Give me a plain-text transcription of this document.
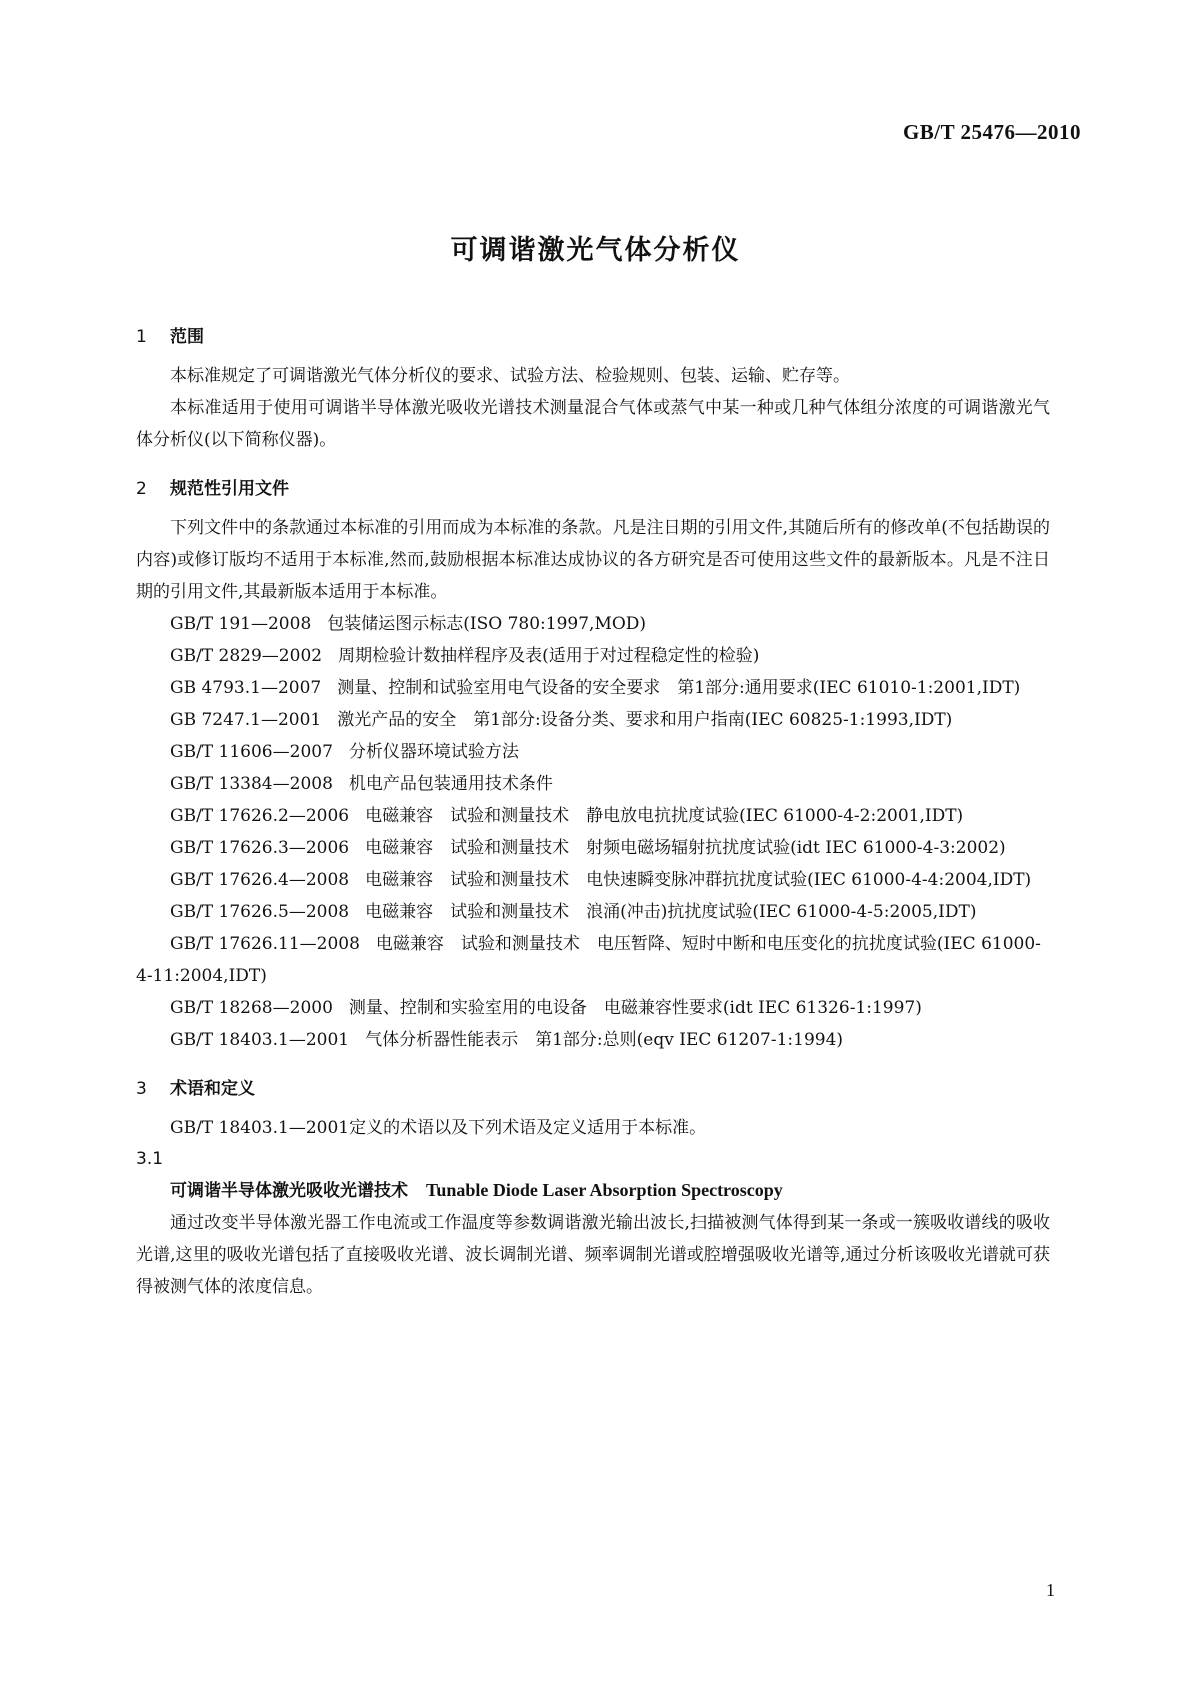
GB/T 25476—2010
可调谐激光气体分析仪
1 范围

本标准规定了可调谐激光气体分析仪的要求、试验方法、检验规则、包装、运输、贮存等。

本标准适用于使用可调谐半导体激光吸收光谱技术测量混合气体或蒸气中某一种或几种气体组分浓度的可调谐激光气体分析仪(以下简称仪器)。

2 规范性引用文件

下列文件中的条款通过本标准的引用而成为本标准的条款。凡是注日期的引用文件,其随后所有的修改单(不包括勘误的内容)或修订版均不适用于本标准,然而,鼓励根据本标准达成协议的各方研究是否可使用这些文件的最新版本。凡是不注日期的引用文件,其最新版本适用于本标准。

GB/T 191—2008 包装储运图示标志(ISO 780:1997,MOD)

GB/T 2829—2002 周期检验计数抽样程序及表(适用于对过程稳定性的检验)

GB 4793.1—2007 测量、控制和试验室用电气设备的安全要求　第1部分:通用要求(IEC 61010-1:2001,IDT)

GB 7247.1—2001 激光产品的安全　第1部分:设备分类、要求和用户指南(IEC 60825-1:1993,IDT)

GB/T 11606—2007 分析仪器环境试验方法

GB/T 13384—2008 机电产品包装通用技术条件

GB/T 17626.2—2006 电磁兼容　试验和测量技术　静电放电抗扰度试验(IEC 61000-4-2:2001,IDT)

GB/T 17626.3—2006 电磁兼容　试验和测量技术　射频电磁场辐射抗扰度试验(idt IEC 61000-4-3:2002)

GB/T 17626.4—2008 电磁兼容　试验和测量技术　电快速瞬变脉冲群抗扰度试验(IEC 61000-4-4:2004,IDT)

GB/T 17626.5—2008 电磁兼容　试验和测量技术　浪涌(冲击)抗扰度试验(IEC 61000-4-5:2005,IDT)

GB/T 17626.11—2008 电磁兼容　试验和测量技术　电压暂降、短时中断和电压变化的抗扰度试验(IEC 61000-4-11:2004,IDT)

GB/T 18268—2000 测量、控制和实验室用的电设备　电磁兼容性要求(idt IEC 61326-1:1997)

GB/T 18403.1—2001 气体分析器性能表示　第1部分:总则(eqv IEC 61207-1:1994)

3 术语和定义

GB/T 18403.1—2001定义的术语以及下列术语及定义适用于本标准。

3.1
可调谐半导体激光吸收光谱技术 Tunable Diode Laser Absorption Spectroscopy

通过改变半导体激光器工作电流或工作温度等参数调谐激光输出波长,扫描被测气体得到某一条或一簇吸收谱线的吸收光谱,这里的吸收光谱包括了直接吸收光谱、波长调制光谱、频率调制光谱或腔增强吸收光谱等,通过分析该吸收光谱就可获得被测气体的浓度信息。

1
